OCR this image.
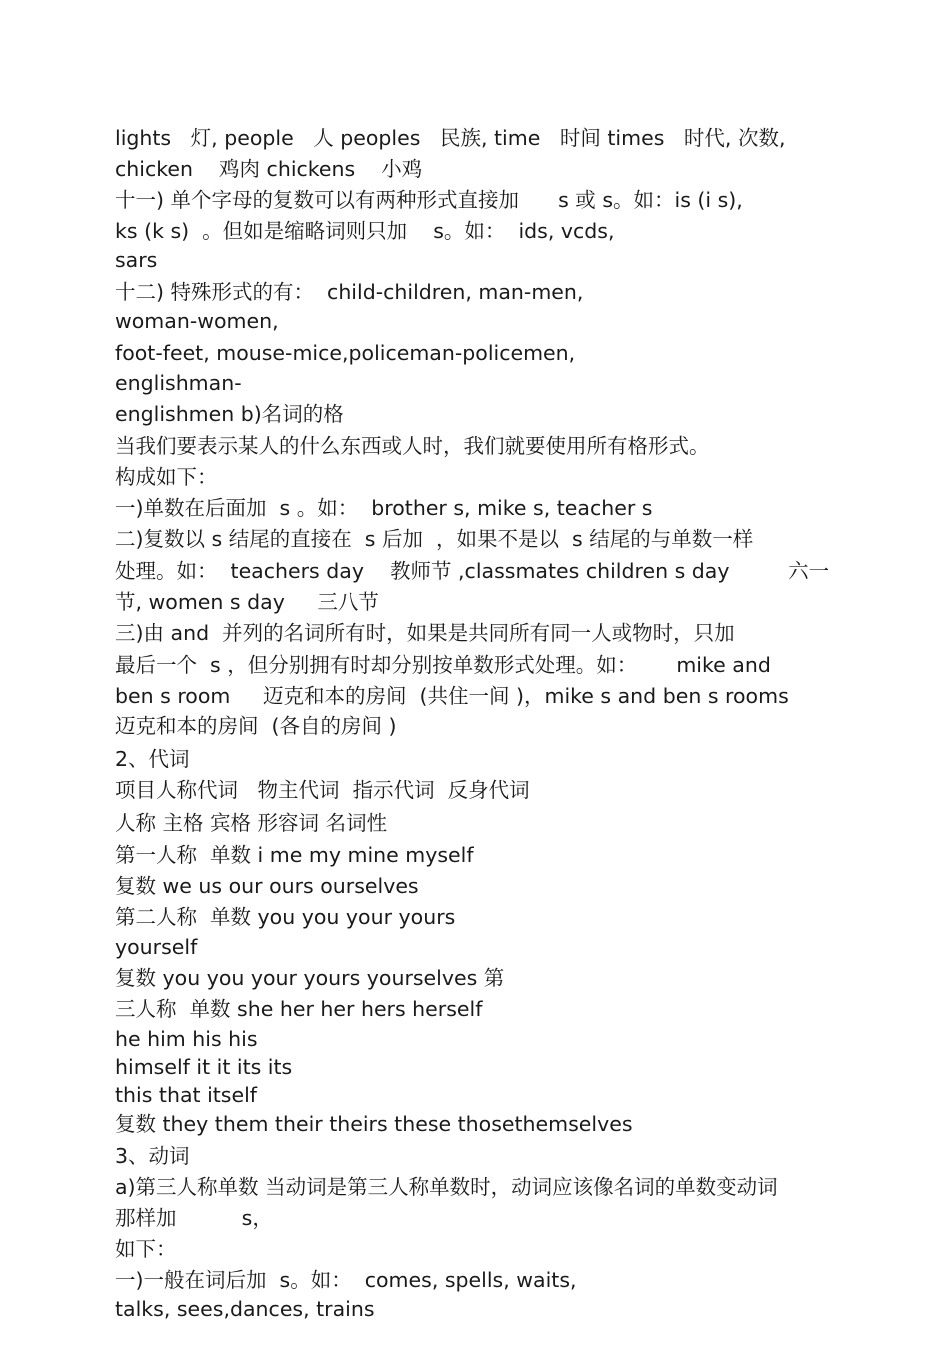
lights   灯, people   人 peoples   民族, time   时间 times   时代, 次数,
chicken    鸡肉 chickens    小鸡
十一) 单个字母的复数可以有两种形式直接加      s 或 s。如：is (i s),
ks (k s)  。但如是缩略词则只加    s。如：  ids, vcds,
sars
十二) 特殊形式的有：  child-children, man-men,
woman-women,
foot-feet, mouse-mice,policeman-policemen,
englishman-
englishmen b)名词的格
当我们要表示某人的什么东西或人时，我们就要使用所有格形式。
构成如下：
一)单数在后面加  s 。如：  brother s, mike s, teacher s
二)复数以 s 结尾的直接在  s 后加  ，如果不是以  s 结尾的与单数一样
处理。如：  teachers day    教师节 ,classmates children s day         六一
节, women s day     三八节
三)由 and  并列的名词所有时，如果是共同所有同一人或物时，只加
最后一个  s ，但分别拥有时却分别按单数形式处理。如：      mike and
ben s room     迈克和本的房间  (共住一间 )，mike s and ben s rooms
迈克和本的房间  (各自的房间 )
2、代词
项目人称代词   物主代词  指示代词  反身代词
人称 主格 宾格 形容词 名词性
第一人称  单数 i me my mine myself
复数 we us our ours ourselves
第二人称  单数 you you your yours
yourself
复数 you you your yours yourselves 第
三人称  单数 she her her hers herself
he him his his
himself it it its its
this that itself
复数 they them their theirs these thosethemselves
3、动词
a)第三人称单数 当动词是第三人称单数时，动词应该像名词的单数变动词
那样加          s，
如下：
一)一般在词后加  s。如：  comes, spells, waits,
talks, sees,dances, trains
